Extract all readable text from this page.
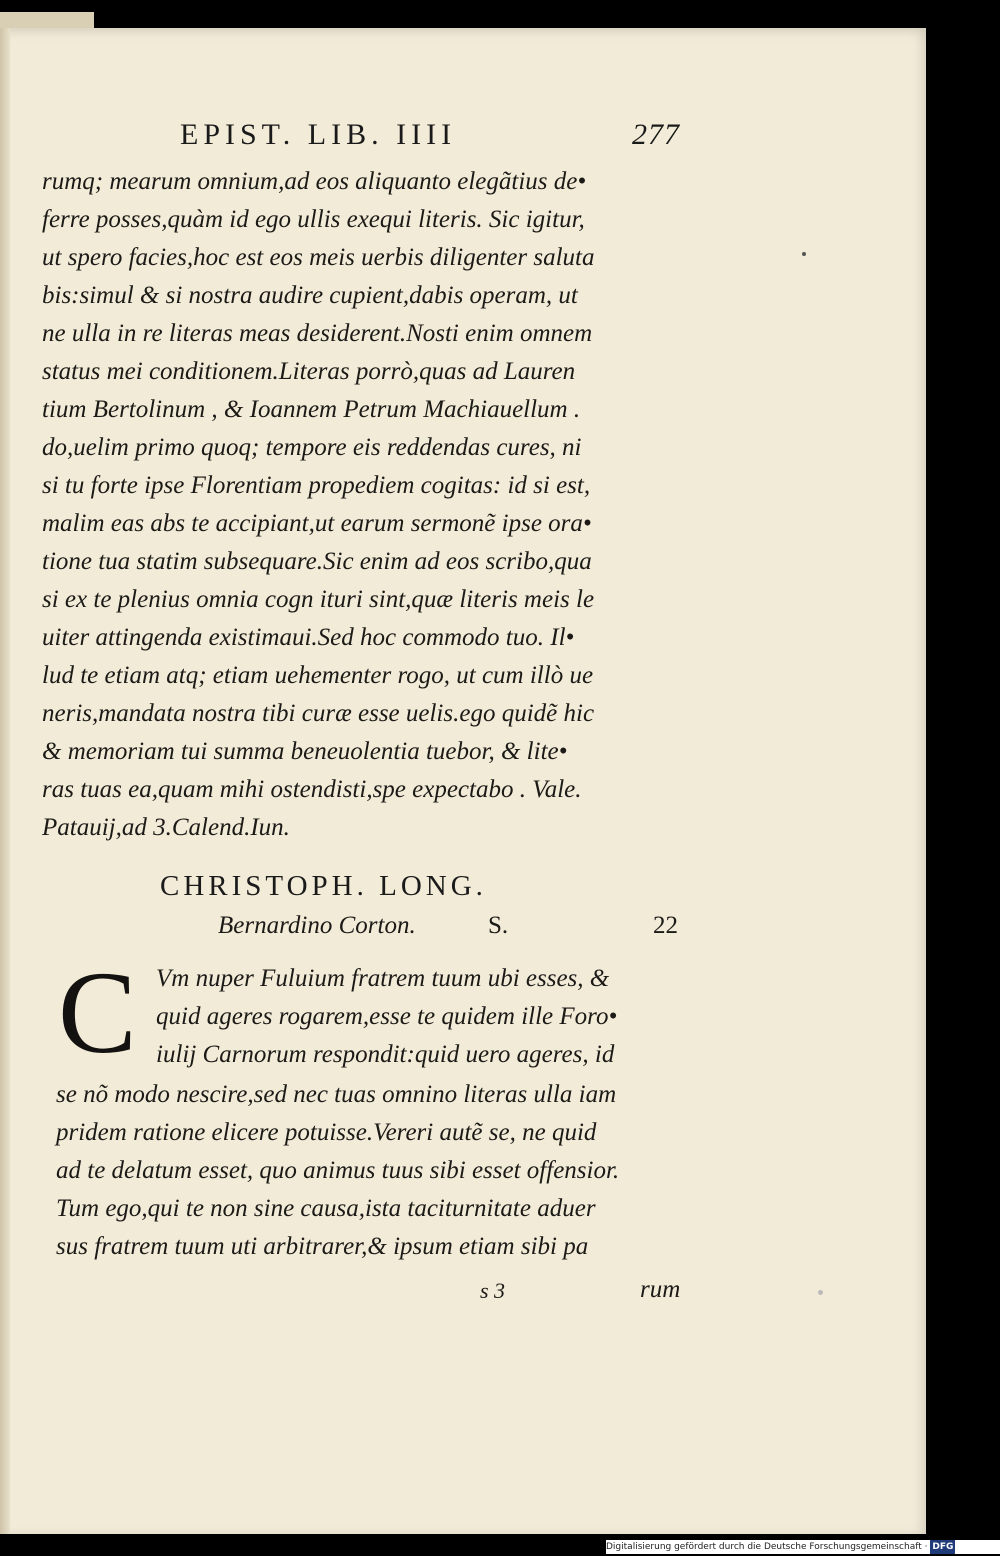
EPIST. LIB. IIII	277
rumq; mearum omnium,ad eos aliquanto elegãtius de•
ferre posses,quàm id ego ullis exequi literis. Sic igitur,
ut spero facies,hoc est eos meis uerbis diligenter saluta
bis:simul & si nostra audire cupient,dabis operam, ut
ne ulla in re literas meas desiderent.Nosti enim omnem
status mei conditionem.Literas porrò,quas ad Lauren
tium Bertolinum , & Ioannem Petrum Machiauellum .
do,uelim primo quoq; tempore eis reddendas cures, ni
si tu forte ipse Florentiam propediem cogitas: id si est,
malim eas abs te accipiant,ut earum sermonẽ ipse ora•
tione tua statim subsequare.Sic enim ad eos scribo,qua
si ex te plenius omnia cogn ituri sint,quæ literis meis le
uiter attingenda existimaui.Sed hoc commodo tuo. Il•
lud te etiam atq; etiam uehementer rogo, ut cum illò ue
neris,mandata nostra tibi curæ esse uelis.ego quidẽ hic
& memoriam tui summa beneuolentia tuebor, & lite•
ras tuas ea,quam mihi ostendisti,spe expectabo . Vale.
Patauij,ad 3.Calend.Iun.
CHRISTOPH. LONG.
Bernardino Corton.	S.	22
C Vm nuper Fuluium fratrem tuum ubi esses, &
quid ageres rogarem,esse te quidem ille Foro•
iulij Carnorum respondit:quid uero ageres, id
se nõ modo nescire,sed nec tuas omnino literas ulla iam
pridem ratione elicere potuisse.Vereri autẽ se, ne quid
ad te delatum esset, quo animus tuus sibi esset offensior.
Tum ego,qui te non sine causa,ista taciturnitate aduer
sus fratrem tuum uti arbitrarer,& ipsum etiam sibi pa
s 3	rum
Digitalisierung gefördert durch die Deutsche Forschungsgemeinschaft · DFG
